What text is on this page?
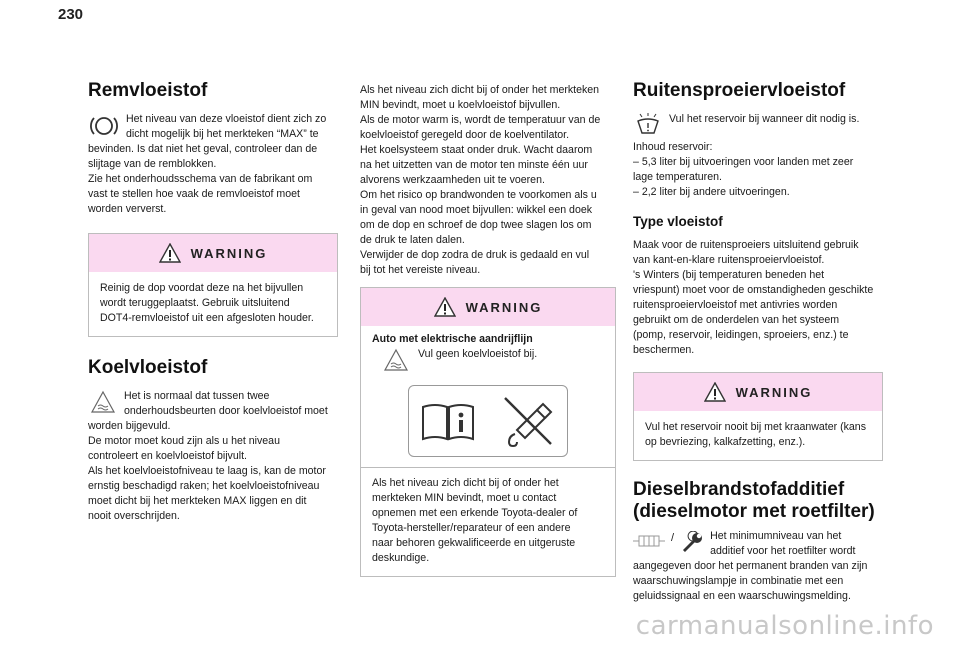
230
Remvloeistof
Het niveau van deze vloeistof dient zich zo
dicht mogelijk bij het merkteken “MAX” te
bevinden. Is dat niet het geval, controleer dan de
slijtage van de remblokken.
Zie het onderhoudsschema van de fabrikant om
vast te stellen hoe vaak de remvloeistof moet
worden ververst.
WARNING
Reinig de dop voordat deze na het bijvullen
wordt teruggeplaatst. Gebruik uitsluitend
DOT4-remvloeistof uit een afgesloten houder.
Koelvloeistof
Het is normaal dat tussen twee
onderhoudsbeurten door koelvloeistof moet
worden bijgevuld.
De motor moet koud zijn als u het niveau
controleert en koelvloeistof bijvult.
Als het koelvloeistofniveau te laag is, kan de motor
ernstig beschadigd raken; het koelvloeistofniveau
moet dicht bij het merkteken MAX liggen en dit
nooit overschrijden.
Als het niveau zich dicht bij of onder het merkteken
MIN bevindt, moet u koelvloeistof bijvullen.
Als de motor warm is, wordt de temperatuur van de
koelvloeistof geregeld door de koelventilator.
Het koelsysteem staat onder druk. Wacht daarom
na het uitzetten van de motor ten minste één uur
alvorens werkzaamheden uit te voeren.
Om het risico op brandwonden te voorkomen als u
in geval van nood moet bijvullen: wikkel een doek
om de dop en schroef de dop twee slagen los om
de druk te laten dalen.
Verwijder de dop zodra de druk is gedaald en vul
bij tot het vereiste niveau.
WARNING
Auto met elektrische aandrijflijn
Vul geen koelvloeistof bij.
Als het niveau zich dicht bij of onder het
merkteken MIN bevindt, moet u contact
opnemen met een erkende Toyota-dealer of
Toyota-hersteller/reparateur of een andere
naar behoren gekwalificeerde en uitgeruste
deskundige.
Ruitensproeiervloeistof
Vul het reservoir bij wanneer dit nodig is.
Inhoud reservoir:
– 5,3 liter bij uitvoeringen voor landen met zeer
lage temperaturen.
– 2,2 liter bij andere uitvoeringen.
Type vloeistof
Maak voor de ruitensproeiers uitsluitend gebruik
van kant-en-klare ruitensproeiervloeistof.
's Winters (bij temperaturen beneden het
vriespunt) moet voor de omstandigheden geschikte
ruitensproeiervloeistof met antivries worden
gebruikt om de onderdelen van het systeem
(pomp, reservoir, leidingen, sproeiers, enz.) te
beschermen.
WARNING
Vul het reservoir nooit bij met kraanwater (kans
op bevriezing, kalkafzetting, enz.).
Dieselbrandstofadditief
(dieselmotor met roetfilter)
/	Het minimumniveau van het
additief voor het roetfilter wordt
aangegeven door het permanent branden van zijn
waarschuwingslampje in combinatie met een
geluidssignaal en een waarschuwingsmelding.
carmanualsonline.info
